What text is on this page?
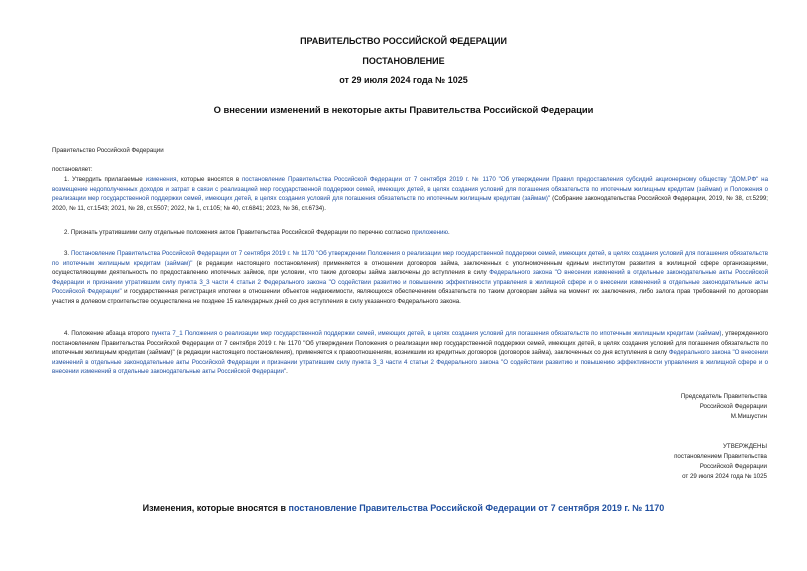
ПРАВИТЕЛЬСТВО РОССИЙСКОЙ ФЕДЕРАЦИИ
ПОСТАНОВЛЕНИЕ
от 29 июля 2024 года № 1025
О внесении изменений в некоторые акты Правительства Российской Федерации
Правительство Российской Федерации
постановляет:

1. Утвердить прилагаемые изменения, которые вносятся в постановление Правительства Российской Федерации от 7 сентября 2019 г. № 1170 "Об утверждении Правил предоставления субсидий акционерному обществу "ДОМ.РФ" на возмещение недополученных доходов и затрат в связи с реализацией мер государственной поддержки семей, имеющих детей, в целях создания условий для погашения обязательств по ипотечным жилищным кредитам (займам) и Положения о реализации мер государственной поддержки семей, имеющих детей, в целях создания условий для погашения обязательств по ипотечным жилищным кредитам (займам)" (Собрание законодательства Российской Федерации, 2019, № 38, ст.5299; 2020, № 11, ст.1543; 2021, № 28, ст.5507; 2022, № 1, ст.105; № 40, ст.6841; 2023, № 36, ст.6734).

2. Признать утратившими силу отдельные положения актов Правительства Российской Федерации по перечню согласно приложению.

3. Постановление Правительства Российской Федерации от 7 сентября 2019 г. № 1170 "Об утверждении Положения о реализации мер государственной поддержки семей, имеющих детей, в целях создания условий для погашения обязательств по ипотечным жилищным кредитам (займам)" (в редакции настоящего постановления) применяется в отношении договоров займа, заключенных с уполномоченным единым институтом развития в жилищной сфере организациями, осуществляющими деятельность по предоставлению ипотечных займов, при условии, что такие договоры займа заключены до вступления в силу Федерального закона "О внесении изменений в отдельные законодательные акты Российской Федерации и признании утратившим силу пункта 3_3 части 4 статьи 2 Федерального закона "О содействии развитию и повышению эффективности управления в жилищной сфере и о внесении изменений в отдельные законодательные акты Российской Федерации" и государственная регистрация ипотеки в отношении объектов недвижимости, являющихся обеспечением обязательств по таким договорам займа на момент их заключения, либо залога прав требований по договорам участия в долевом строительстве осуществлена не позднее 15 календарных дней со дня вступления в силу указанного Федерального закона.

4. Положение абзаца второго пункта 7_1 Положения о реализации мер государственной поддержки семей, имеющих детей, в целях создания условий для погашения обязательств по ипотечным жилищным кредитам (займам), утвержденного постановлением Правительства Российской Федерации от 7 сентября 2019 г. № 1170 "Об утверждении Положения о реализации мер государственной поддержки семей, имеющих детей, в целях создания условий для погашения обязательств по ипотечным жилищным кредитам (займам)" (в редакции настоящего постановления), применяется к правоотношениям, возникшим из кредитных договоров (договоров займа), заключенных со дня вступления в силу Федерального закона "О внесении изменений в отдельные законодательные акты Российской Федерации и признании утратившим силу пункта 3_3 части 4 статьи 2 Федерального закона "О содействии развитию и повышению эффективности управления в жилищной сфере и о внесении изменений в отдельные законодательные акты Российской Федерации".

Председатель Правительства
Российской Федерации
М.Мишустин
УТВЕРЖДЕНЫ
постановлением Правительства
Российской Федерации
от 29 июля 2024 года № 1025
Изменения, которые вносятся в постановление Правительства Российской Федерации от 7 сентября 2019 г. № 1170
